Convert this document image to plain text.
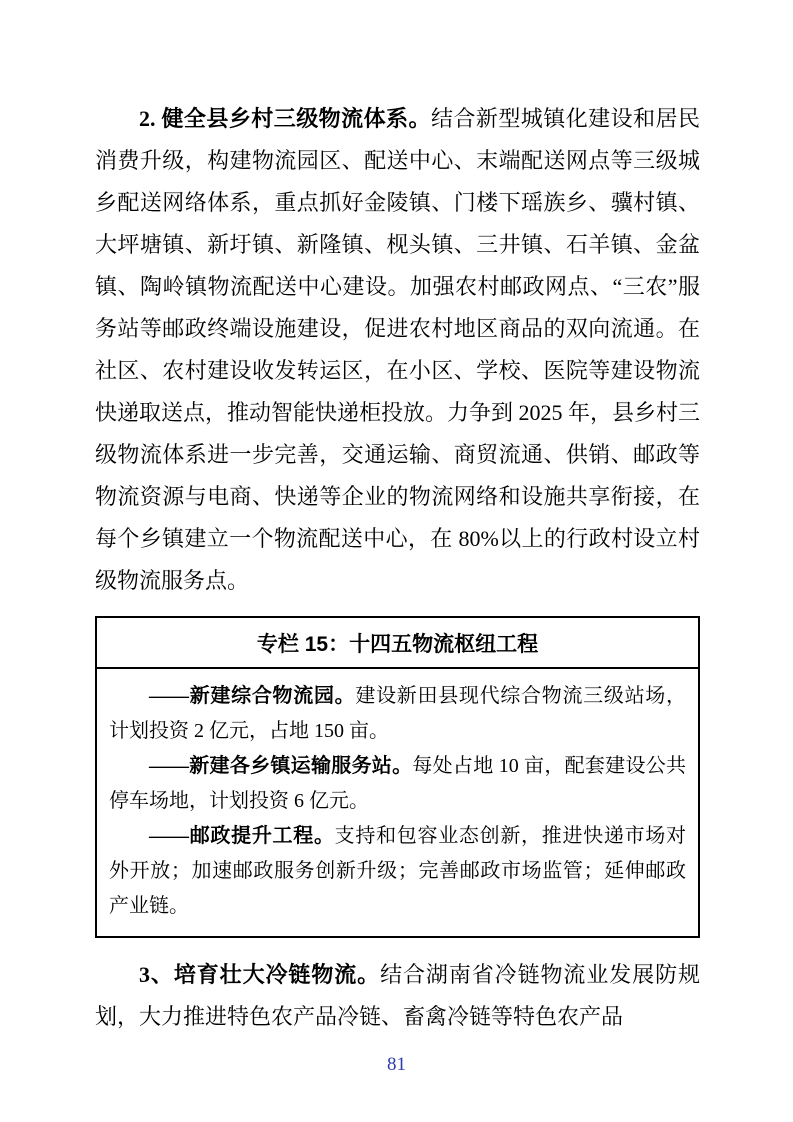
2. 健全县乡村三级物流体系。结合新型城镇化建设和居民消费升级，构建物流园区、配送中心、末端配送网点等三级城乡配送网络体系，重点抓好金陵镇、门楼下瑶族乡、骥村镇、大坪塘镇、新圩镇、新隆镇、枧头镇、三井镇、石羊镇、金盆镇、陶岭镇物流配送中心建设。加强农村邮政网点、“三农”服务站等邮政终端设施建设，促进农村地区商品的双向流通。在社区、农村建设收发转运区，在小区、学校、医院等建设物流快递取送点，推动智能快递柜投放。力争到 2025 年，县乡村三级物流体系进一步完善，交通运输、商贸流通、供销、邮政等物流资源与电商、快递等企业的物流网络和设施共享衔接，在每个乡镇建立一个物流配送中心，在 80%以上的行政村设立村级物流服务点。

专栏 15：十四五物流枢纽工程

——新建综合物流园。建设新田县现代综合物流三级站场，计划投资 2 亿元，占地 150 亩。

——新建各乡镇运输服务站。每处占地 10 亩，配套建设公共停车场地，计划投资 6 亿元。

——邮政提升工程。支持和包容业态创新，推进快递市场对外开放；加速邮政服务创新升级；完善邮政市场监管；延伸邮政产业链。

3、培育壮大冷链物流。结合湖南省冷链物流业发展防规划，大力推进特色农产品冷链、畜禽冷链等特色农产品

81
